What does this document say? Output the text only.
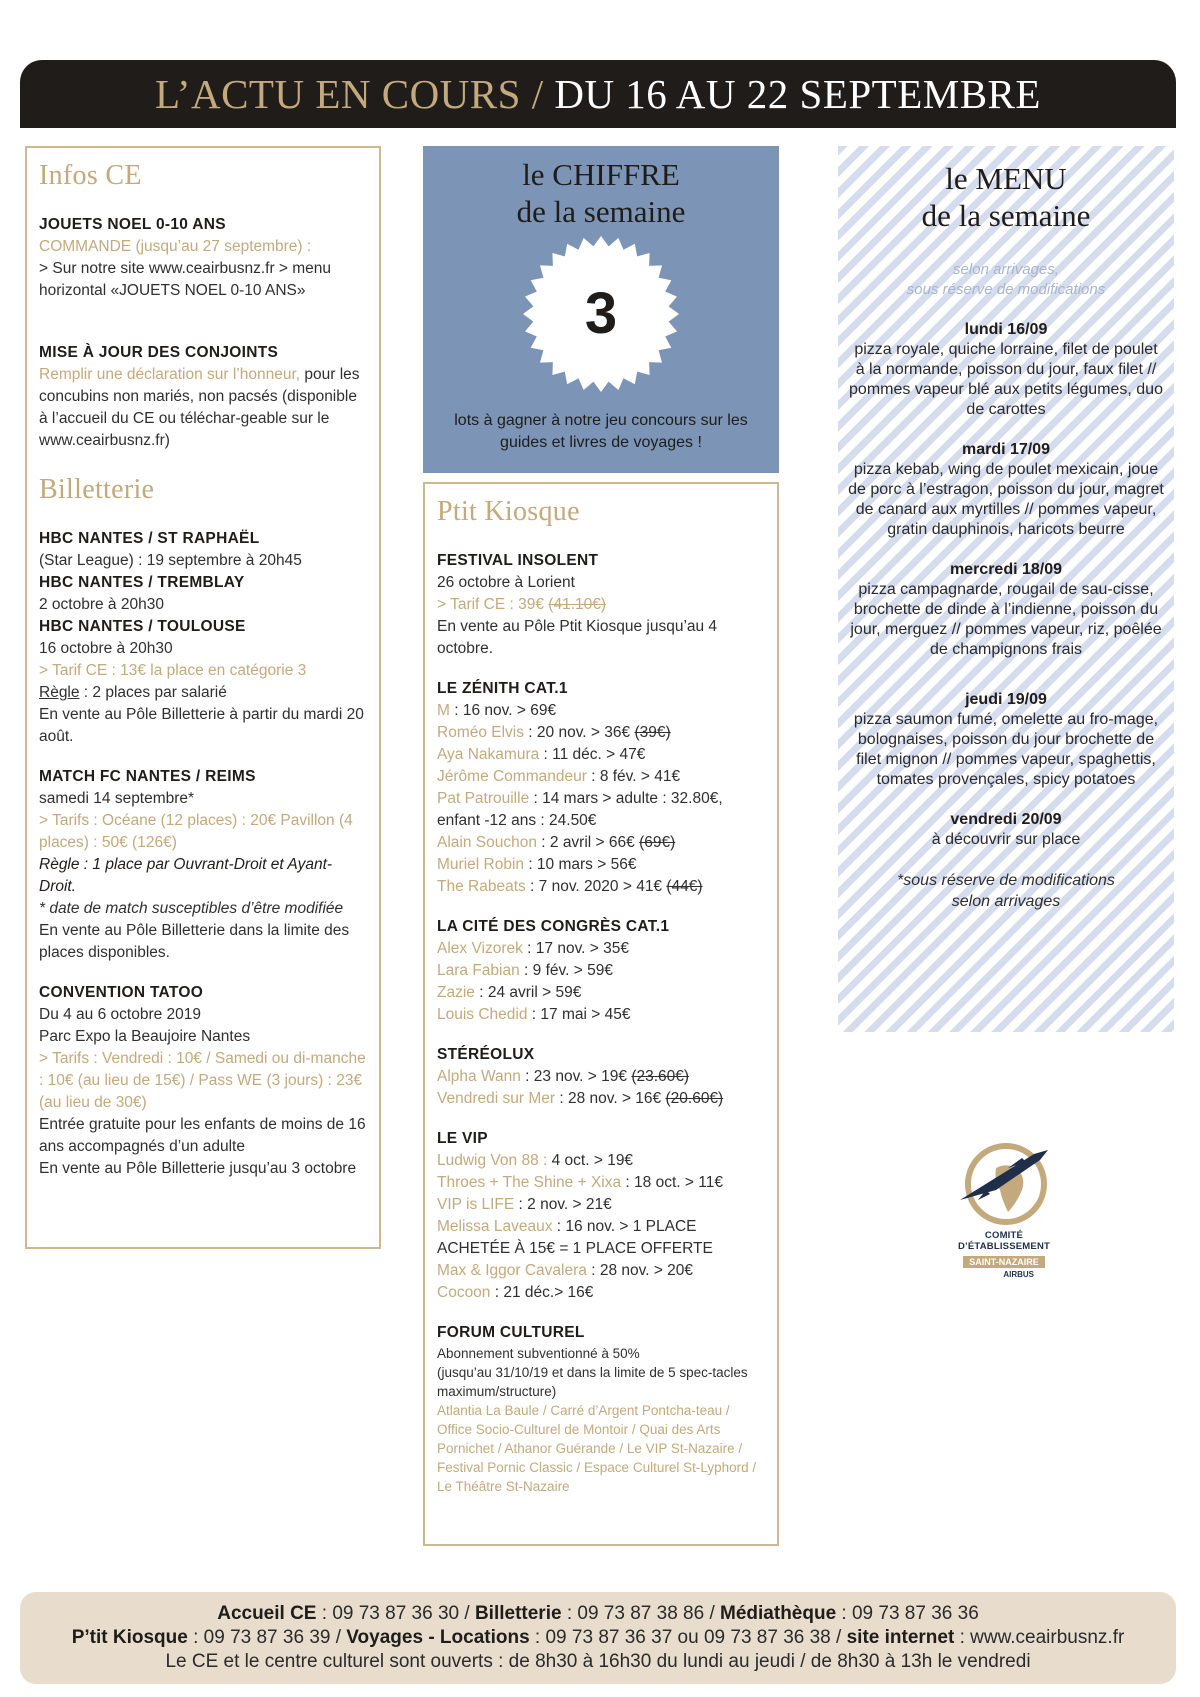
L’ACTU EN COURS / DU 16 AU 22 SEPTEMBRE
Infos CE
JOUETS NOEL 0-10 ANS
COMMANDE (jusqu’au 27 septembre) :
> Sur notre site www.ceairbusnz.fr > menu horizontal «JOUETS NOEL 0-10 ANS»
MISE À JOUR DES CONJOINTS
Remplir une déclaration sur l’honneur, pour les concubins non mariés, non pacsés (disponible à l’accueil du CE ou téléchar-geable sur le www.ceairbusnz.fr)
Billetterie
HBC NANTES / ST RAPHAËL
(Star League) : 19 septembre à 20h45
HBC NANTES / TREMBLAY
2 octobre à 20h30
HBC NANTES / TOULOUSE
16 octobre à 20h30
> Tarif CE : 13€ la place en catégorie 3
Règle : 2 places par salarié
En vente au Pôle Billetterie à partir du mardi 20 août.
MATCH FC NANTES / REIMS
samedi 14 septembre*
> Tarifs : Océane (12 places) : 20€ Pavillon (4 places) : 50€ (126€)
Règle : 1 place par Ouvrant-Droit et Ayant-Droit.
* date de match susceptibles d’être modifiée
En vente au Pôle Billetterie dans la limite des places disponibles.
CONVENTION TATOO
Du 4 au 6 octobre 2019
Parc Expo la Beaujoire Nantes
> Tarifs : Vendredi : 10€ / Samedi ou di-manche : 10€ (au lieu de 15€) / Pass WE (3 jours) : 23€ (au lieu de 30€)
Entrée gratuite pour les enfants de moins de 16 ans accompagnés d’un adulte
En vente au Pôle Billetterie jusqu’au 3 octobre
le CHIFFRE
de la semaine
3
lots à gagner à notre jeu concours sur les guides et livres de voyages !
Ptit Kiosque
FESTIVAL INSOLENT
26 octobre à Lorient
> Tarif CE : 39€ (41.10€)
En vente au Pôle Ptit Kiosque jusqu’au 4 octobre.
LE ZÉNITH CAT.1
M : 16 nov. > 69€
Roméo Elvis : 20 nov. > 36€ (39€)
Aya Nakamura : 11 déc. > 47€
Jérôme Commandeur : 8 fév. > 41€
Pat Patrouille : 14 mars > adulte : 32.80€, enfant -12 ans : 24.50€
Alain Souchon : 2 avril > 66€ (69€)
Muriel Robin : 10 mars > 56€
The Rabeats : 7 nov. 2020 > 41€ (44€)
LA CITÉ DES CONGRÈS CAT.1
Alex Vizorek : 17 nov. > 35€
Lara Fabian : 9 fév. > 59€
Zazie : 24 avril > 59€
Louis Chedid : 17 mai > 45€
STÉRÉOLUX
Alpha Wann : 23 nov. > 19€ (23.60€)
Vendredi sur Mer : 28 nov. > 16€ (20.60€)
LE VIP
Ludwig Von 88 : 4 oct. > 19€
Throes + The Shine + Xixa : 18 oct. > 11€
VIP is LIFE : 2 nov. > 21€
Melissa Laveaux : 16 nov. > 1 PLACE ACHETÉE À 15€ = 1 PLACE OFFERTE
Max & Iggor Cavalera : 28 nov. > 20€
Cocoon : 21 déc.> 16€
FORUM CULTUREL
Abonnement subventionné à 50%
(jusqu’au 31/10/19 et dans la limite de 5 spec-tacles maximum/structure)
Atlantia La Baule / Carré d’Argent Pontcha-teau / Office Socio-Culturel de Montoir / Quai des Arts Pornichet / Athanor Guérande / Le VIP St-Nazaire / Festival Pornic Classic / Espace Culturel St-Lyphord / Le Théâtre St-Nazaire
le MENU
de la semaine
selon arrivages,
sous réserve de modifications
lundi 16/09
pizza royale, quiche lorraine, filet de poulet à la normande, poisson du jour, faux filet // pommes vapeur blé aux petits légumes, duo de carottes
mardi 17/09
pizza kebab, wing de poulet mexicain, joue de porc à l’estragon, poisson du jour, magret de canard aux myrtilles // pommes vapeur, gratin dauphinois, haricots beurre
mercredi 18/09
pizza campagnarde, rougail de sau-cisse, brochette de dinde à l’indienne, poisson du jour, merguez // pommes vapeur, riz, poêlée de champignons frais
jeudi 19/09
pizza saumon fumé, omelette au fro-mage, bolognaises, poisson du jour brochette de filet mignon // pommes vapeur, spaghettis, tomates provençales, spicy potatoes
vendredi 20/09
à découvrir sur place
*sous réserve de modifications
selon arrivages
COMITÉ D’ÉTABLISSEMENT
SAINT-NAZAIRE
AIRBUS
Accueil CE : 09 73 87 36 30 / Billetterie : 09 73 87 38 86 / Médiathèque : 09 73 87 36 36
P’tit Kiosque : 09 73 87 36 39 / Voyages - Locations : 09 73 87 36 37 ou 09 73 87 36 38 / site internet : www.ceairbusnz.fr
Le CE et le centre culturel sont ouverts : de 8h30 à 16h30 du lundi au jeudi / de 8h30 à 13h le vendredi
